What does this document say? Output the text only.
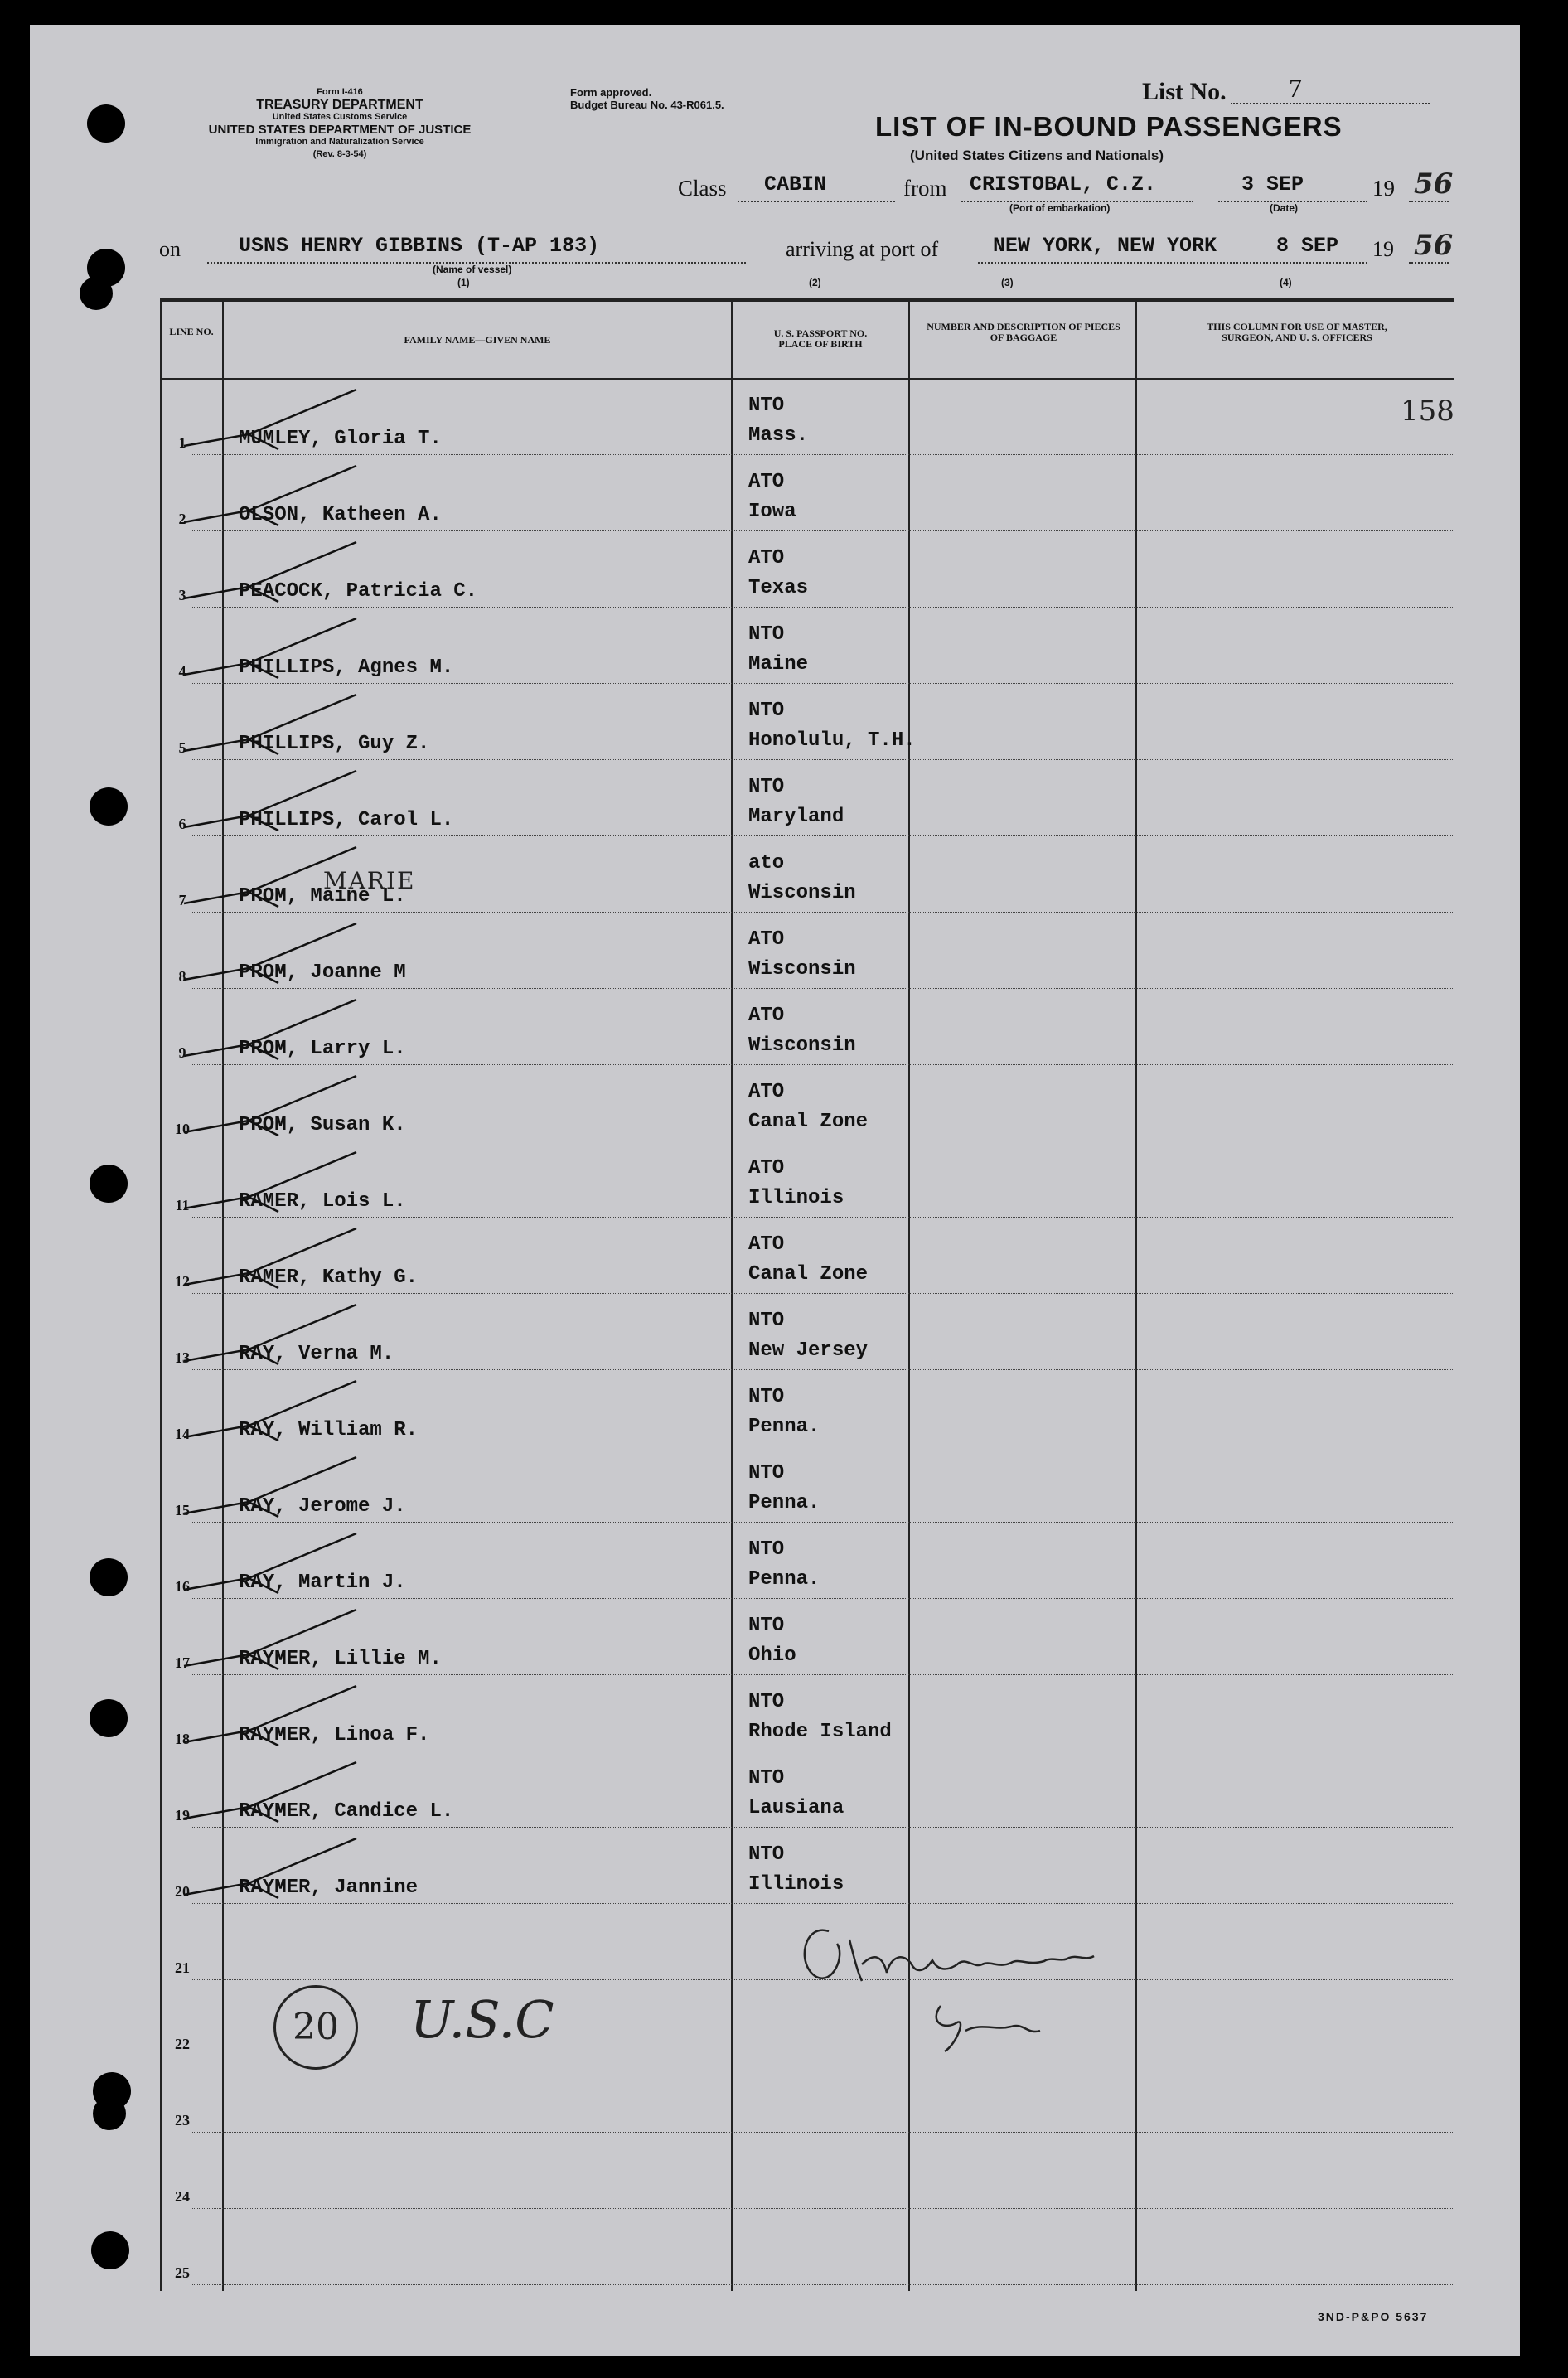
Form I-416
TREASURY DEPARTMENT
United States Customs Service
UNITED STATES DEPARTMENT OF JUSTICE
Immigration and Naturalization Service
(Rev. 8-3-54)
Form approved.
Budget Bureau No. 43-R061.5.	List No. 7
LIST OF IN-BOUND PASSENGERS
(United States Citizens and Nationals)
Class CABIN	from CRISTOBAL, C.Z.
(Port of embarkation)
3 SEP
(Date)
19 56
on	USNS HENRY GIBBINS (T-AP 183)
(Name of vessel)
(1)
arriving at port of	NEW YORK, NEW YORK	8 SEP
(2)	(3)	(4)
19 56
LINE NO.
FAMILY NAME—GIVEN NAME
U. S. PASSPORT NO. PLACE OF BIRTH
NUMBER AND DESCRIPTION OF PIECES OF BAGGAGE
THIS COLUMN FOR USE OF MASTER, SURGEON, AND U. S. OFFICERS
158
1	MUMLEY, Gloria T.
NTO
Mass.
2	OLSON, Katheen A.
ATO
Iowa
3	PEACOCK, Patricia C.
ATO
Texas
4	PHILLIPS, Agnes M.
NTO
Maine
5	PHILLIPS, Guy Z.
NTO
Honolulu, T.H.
6	PHILLIPS, Carol L.
NTO
Maryland
7	PROM, Maine L.
ato
Wisconsin
8	PROM, Joanne M
ATO
Wisconsin
9	PROM, Larry L.
ATO
Wisconsin
10	PROM, Susan K.
ATO
Canal Zone
11	RAMER, Lois L.
ATO
Illinois
12	RAMER, Kathy G.
ATO
Canal Zone
13	RAY, Verna M.
NTO
New Jersey
14	RAY, William R.
NTO
Penna.
15	RAY, Jerome J.
NTO
Penna.
16	RAY, Martin J.
NTO
Penna.
17	RAYMER, Lillie M.
NTO
Ohio
18	RAYMER, Linoa F.
NTO
Rhode Island
19	RAYMER, Candice L.
NTO
Lausiana
20	RAYMER, Jannine
NTO
Illinois
21
22
23
24
25
MARIE
20	U.S.C
3ND-P&PO 5637
